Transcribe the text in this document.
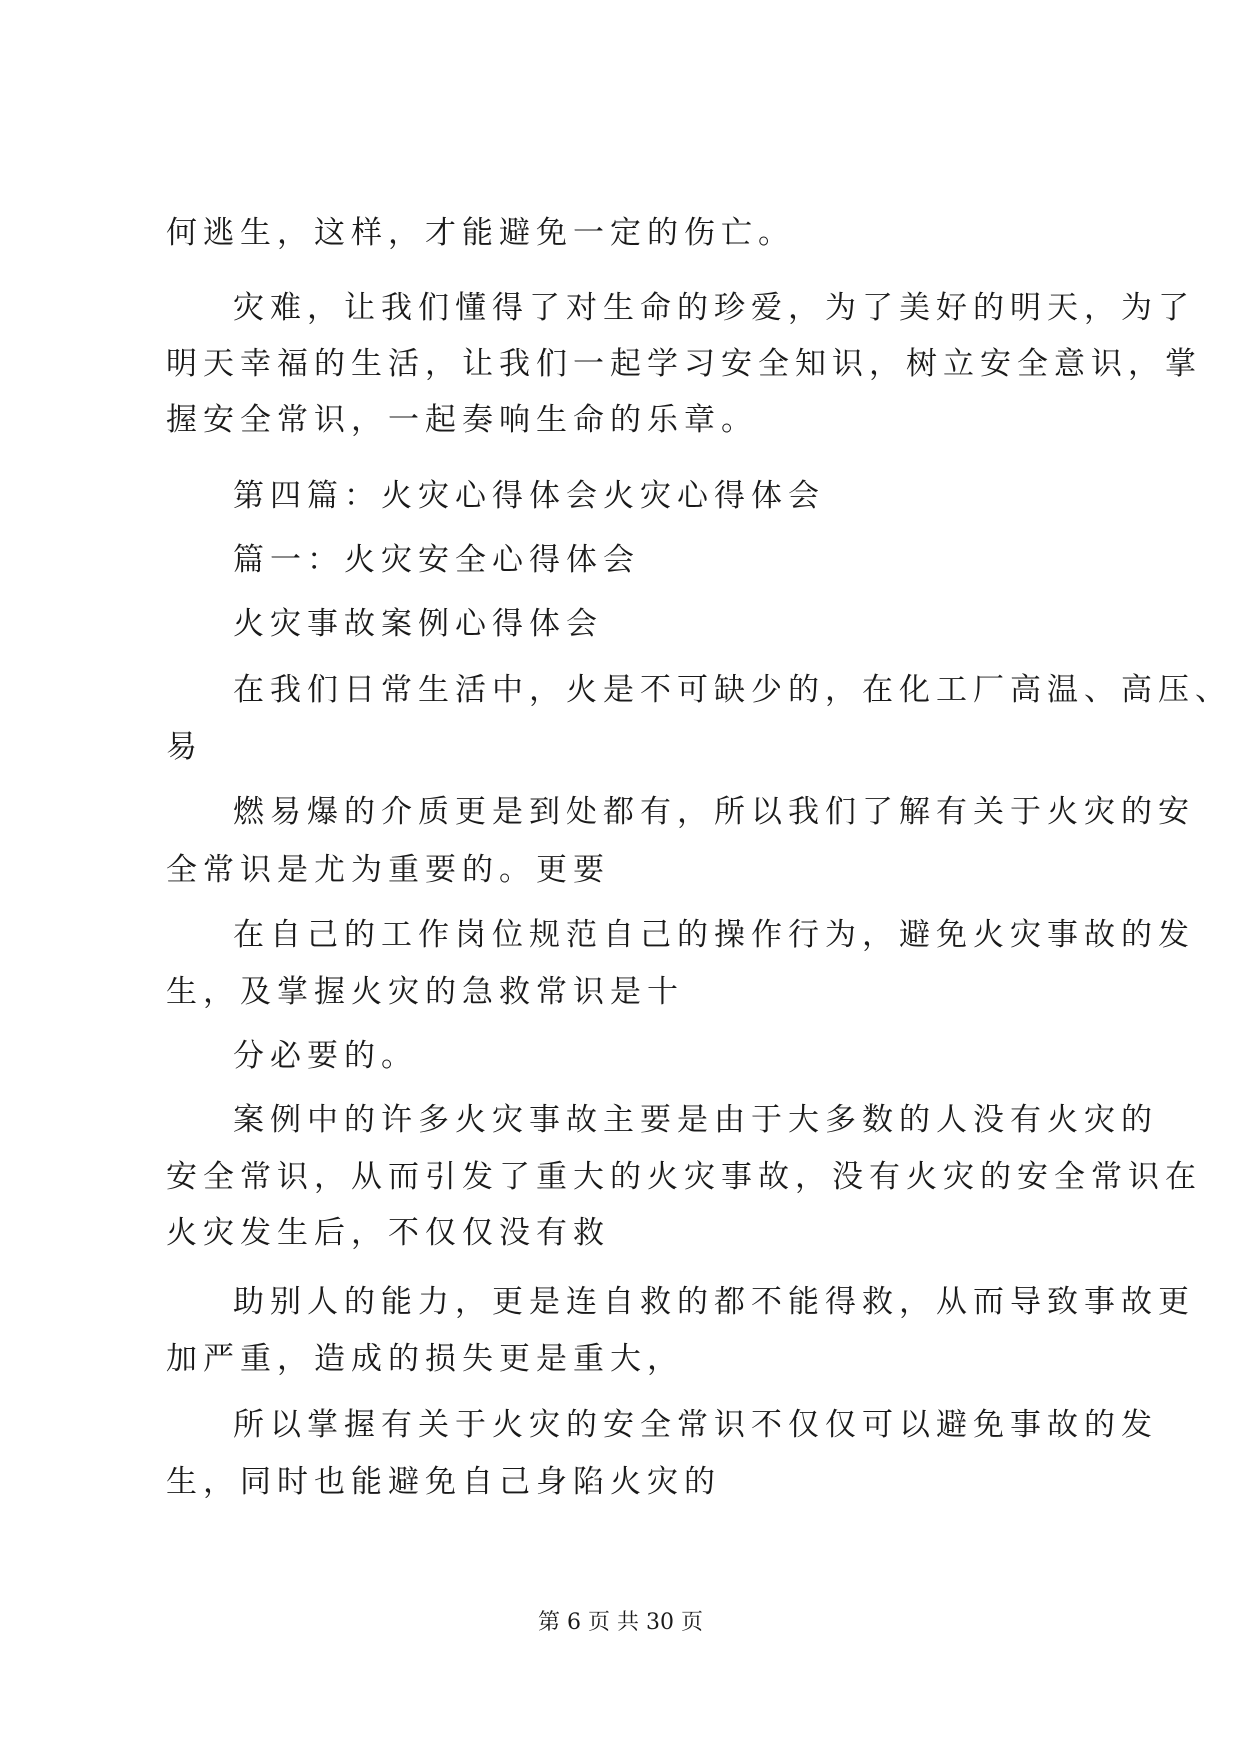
何逃生，这样，才能避免一定的伤亡。
灾难，让我们懂得了对生命的珍爱，为了美好的明天，为了
明天幸福的生活，让我们一起学习安全知识，树立安全意识，掌
握安全常识，一起奏响生命的乐章。
第四篇：火灾心得体会火灾心得体会
篇一：火灾安全心得体会
火灾事故案例心得体会
在我们日常生活中，火是不可缺少的，在化工厂高温、高压、
易
燃易爆的介质更是到处都有，所以我们了解有关于火灾的安
全常识是尤为重要的。更要
在自己的工作岗位规范自己的操作行为，避免火灾事故的发
生，及掌握火灾的急救常识是十
分必要的。
案例中的许多火灾事故主要是由于大多数的人没有火灾的
安全常识，从而引发了重大的火灾事故，没有火灾的安全常识在
火灾发生后，不仅仅没有救
助别人的能力，更是连自救的都不能得救，从而导致事故更
加严重，造成的损失更是重大，
所以掌握有关于火灾的安全常识不仅仅可以避免事故的发
生，同时也能避免自己身陷火灾的
第 6 页 共 30 页
